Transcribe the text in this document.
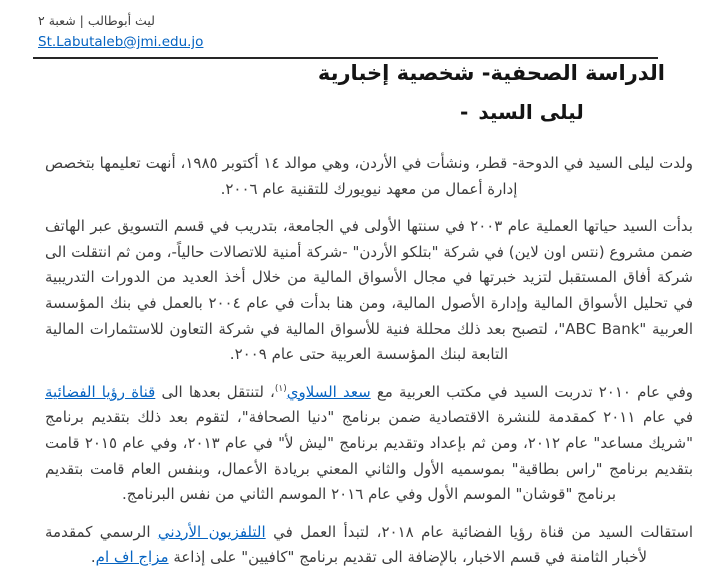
ليث أبوطالب | شعبة ٢
St.Labutaleb@jmi.edu.jo
الدراسة الصحفية- شخصية إخبارية
- ليلى السيد

ولدت ليلى السيد في الدوحة- قطر، ونشأت في الأردن، وهي موالد ١٤ أكتوبر ١٩٨٥، أنهت تعليمها بتخصص إدارة أعمال من معهد نيويورك للتقنية عام ٢٠٠٦.

بدأت السيد حياتها العملية عام ٢٠٠٣ في سنتها الأولى في الجامعة، بتدريب في قسم التسويق عبر الهاتف ضمن مشروع (نتس اون لاين) في شركة "بتلكو الأردن" -شركة أمنية للاتصالات حالياً-، ومن ثم انتقلت الى شركة أفاق المستقبل لتزيد خبرتها في مجال الأسواق المالية من خلال أخذ العديد من الدورات التدريبية في تحليل الأسواق المالية وإدارة الأصول المالية، ومن هنا بدأت في عام ٢٠٠٤ بالعمل في بنك المؤسسة العربية "ABC Bank"، لتصبح بعد ذلك محللة فنية للأسواق المالية في شركة التعاون للاستثمارات المالية التابعة لبنك المؤسسة العربية حتى عام ٢٠٠٩.

وفي عام ٢٠١٠ تدربت السيد في مكتب العربية مع سعد السلاوي$^{(١)}$، لتنتقل بعدها الى قناة رؤيا الفضائية في عام ٢٠١١ كمقدمة للنشرة الاقتصادية ضمن برنامج "دنيا الصحافة"، لتقوم بعد ذلك بتقديم برنامج "شريك مساعد" عام ٢٠١٢، ومن ثم بإعداد وتقديم برنامج "ليش لأ" في عام ٢٠١٣، وفي عام ٢٠١٥ قامت بتقديم برنامج "راس بطاقية" بموسميه الأول والثاني المعني بريادة الأعمال، وبنفس العام قامت بتقديم برنامج "قوشان" الموسم الأول وفي عام ٢٠١٦ الموسم الثاني من نفس البرنامج.

استقالت السيد من قناة رؤيا الفضائية عام ٢٠١٨، لتبدأ العمل في التلفزيون الأردني الرسمي كمقدمة لأخبار الثامنة في قسم الاخبار، بالإضافة الى تقديم برنامج "كافيين" على إذاعة مزاج اف ام.
